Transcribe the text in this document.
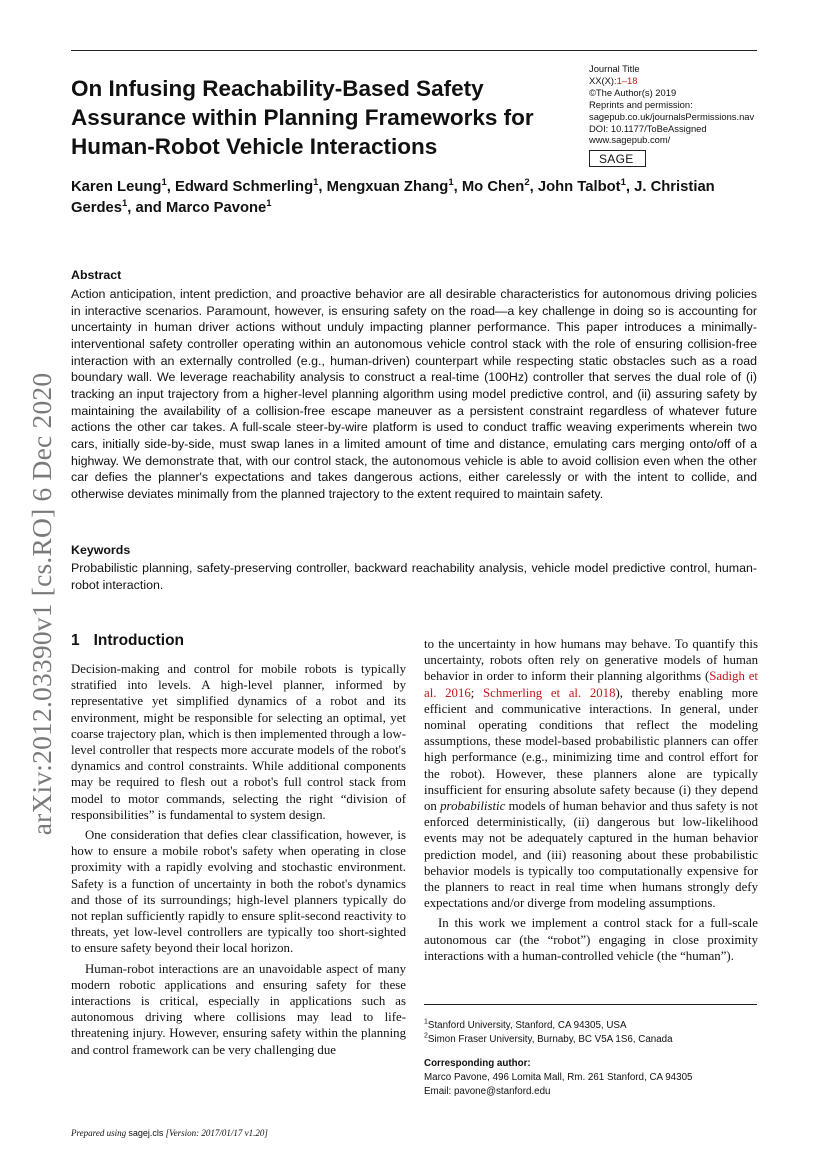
On Infusing Reachability-Based Safety Assurance within Planning Frameworks for Human-Robot Vehicle Interactions
Journal Title
XX(X):1–18
©The Author(s) 2019
Reprints and permission:
sagepub.co.uk/journalsPermissions.nav
DOI: 10.1177/ToBeAssigned
www.sagepub.com/
SAGE

Karen Leung$^1$, Edward Schmerling$^1$, Mengxuan Zhang$^1$, Mo Chen$^2$, John Talbot$^1$, J. Christian Gerdes$^1$, and Marco Pavone$^1$

Abstract

Action anticipation, intent prediction, and proactive behavior are all desirable characteristics for autonomous driving policies in interactive scenarios. Paramount, however, is ensuring safety on the road—a key challenge in doing so is accounting for uncertainty in human driver actions without unduly impacting planner performance. This paper introduces a minimally-interventional safety controller operating within an autonomous vehicle control stack with the role of ensuring collision-free interaction with an externally controlled (e.g., human-driven) counterpart while respecting static obstacles such as a road boundary wall. We leverage reachability analysis to construct a real-time (100Hz) controller that serves the dual role of (i) tracking an input trajectory from a higher-level planning algorithm using model predictive control, and (ii) assuring safety by maintaining the availability of a collision-free escape maneuver as a persistent constraint regardless of whatever future actions the other car takes. A full-scale steer-by-wire platform is used to conduct traffic weaving experiments wherein two cars, initially side-by-side, must swap lanes in a limited amount of time and distance, emulating cars merging onto/off of a highway. We demonstrate that, with our control stack, the autonomous vehicle is able to avoid collision even when the other car defies the planner's expectations and takes dangerous actions, either carelessly or with the intent to collide, and otherwise deviates minimally from the planned trajectory to the extent required to maintain safety.

Keywords

Probabilistic planning, safety-preserving controller, backward reachability analysis, vehicle model predictive control, human-robot interaction.

1 Introduction

Decision-making and control for mobile robots is typically stratified into levels. A high-level planner, informed by representative yet simplified dynamics of a robot and its environment, might be responsible for selecting an optimal, yet coarse trajectory plan, which is then implemented through a low-level controller that respects more accurate models of the robot's dynamics and control constraints. While additional components may be required to flesh out a robot's full control stack from model to motor commands, selecting the right “division of responsibilities” is fundamental to system design.

One consideration that defies clear classification, however, is how to ensure a mobile robot's safety when operating in close proximity with a rapidly evolving and stochastic environment. Safety is a function of uncertainty in both the robot's dynamics and those of its surroundings; high-level planners typically do not replan sufficiently rapidly to ensure split-second reactivity to threats, yet low-level controllers are typically too short-sighted to ensure safety beyond their local horizon.

Human-robot interactions are an unavoidable aspect of many modern robotic applications and ensuring safety for these interactions is critical, especially in applications such as autonomous driving where collisions may lead to life-threatening injury. However, ensuring safety within the planning and control framework can be very challenging due

to the uncertainty in how humans may behave. To quantify this uncertainty, robots often rely on generative models of human behavior in order to inform their planning algorithms (Sadigh et al. 2016; Schmerling et al. 2018), thereby enabling more efficient and communicative interactions. In general, under nominal operating conditions that reflect the modeling assumptions, these model-based probabilistic planners can offer high performance (e.g., minimizing time and control effort for the robot). However, these planners alone are typically insufficient for ensuring absolute safety because (i) they depend on probabilistic models of human behavior and thus safety is not enforced deterministically, (ii) dangerous but low-likelihood events may not be adequately captured in the human behavior prediction model, and (iii) reasoning about these probabilistic behavior models is typically too computationally expensive for the planners to react in real time when humans strongly defy expectations and/or diverge from modeling assumptions.

In this work we implement a control stack for a full-scale autonomous car (the “robot”) engaging in close proximity interactions with a human-controlled vehicle (the “human”).

$^1$Stanford University, Stanford, CA 94305, USA
$^2$Simon Fraser University, Burnaby, BC V5A 1S6, Canada
Corresponding author:
Marco Pavone, 496 Lomita Mall, Rm. 261 Stanford, CA 94305
Email: pavone@stanford.edu
Prepared using sagej.cls [Version: 2017/01/17 v1.20]
arXiv:2012.03390v1 [cs.RO] 6 Dec 2020
